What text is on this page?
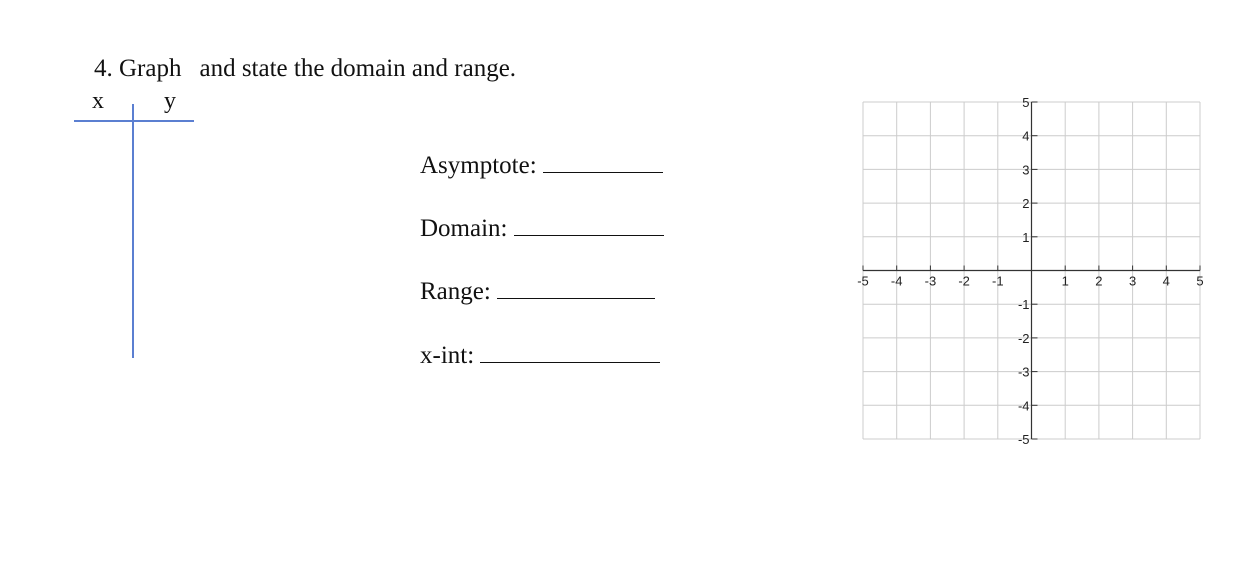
4. Graph and state the domain and range.
x	y
Asymptote:
Domain:
Range:
x-int:
-5 -4 -3 -2 -1	1 2 3 4 5
5
4
3
2
1
-1
-2
-3
-4
-5
